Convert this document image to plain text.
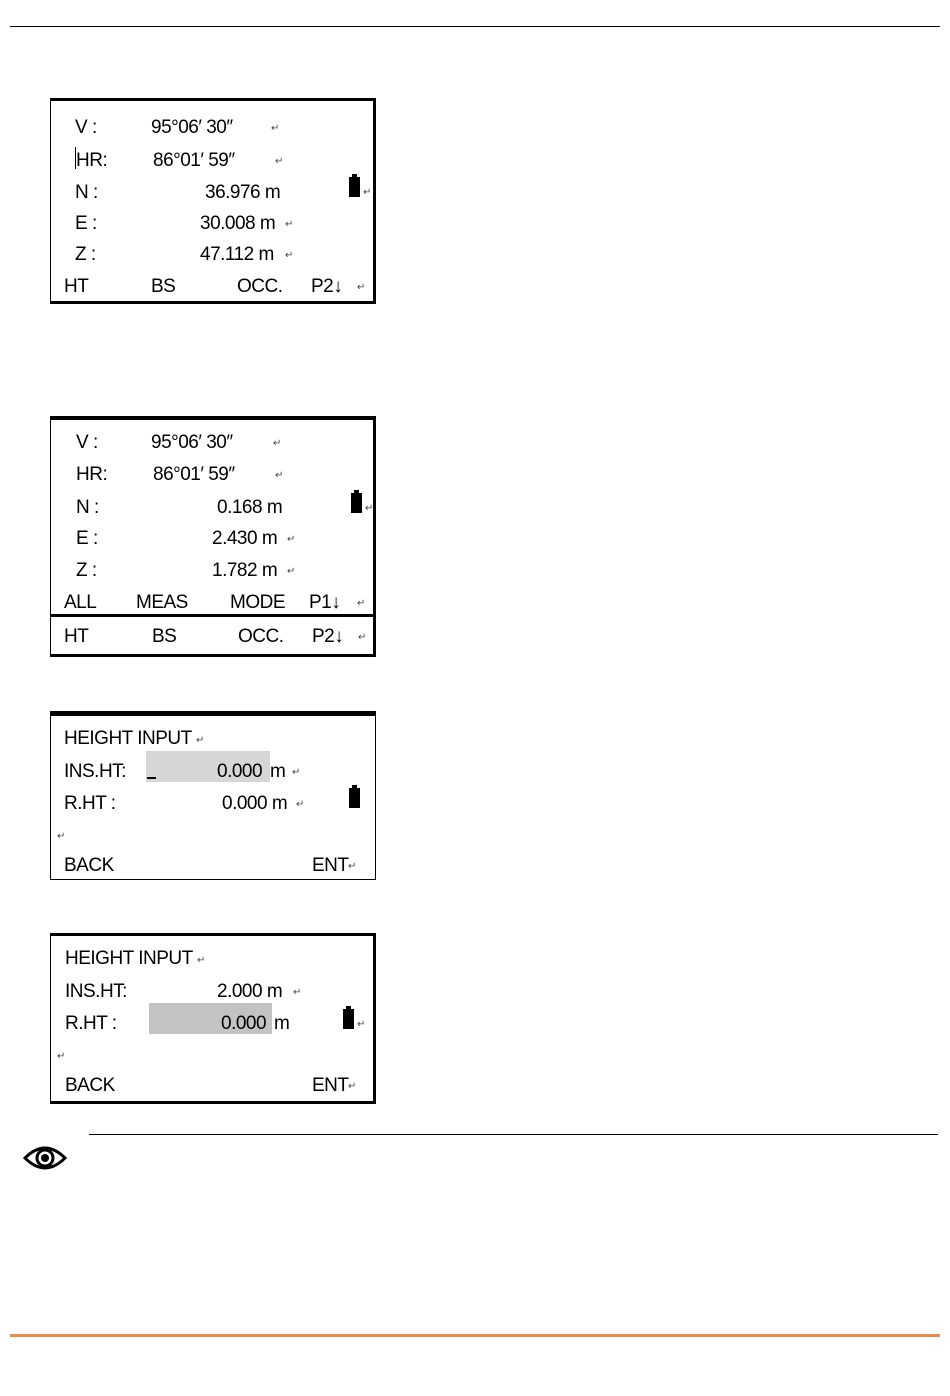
V :	95°06′ 30″	↵
HR: 86°01′ 59″	↵
N :	36.976 m	↵
E :	30.008 m ↵
Z :	47.112 m ↵
HT	BS	OCC. P2↓ ↵
V :	95°06′ 30″	↵
HR: 86°01′ 59″	↵
N :	0.168 m	↵
E :	2.430 m ↵
Z :	1.782 m ↵
ALL MEAS MODE P1↓ ↵
HT	BS	OCC. P2↓ ↵
HEIGHT INPUT ↵
INS.HT:	0.000 m ↵
R.HT :	0.000 m ↵
↵
BACK	ENT ↵
HEIGHT INPUT ↵
INS.HT:	2.000 m ↵
R.HT :	0.000 m	↵
↵
BACK	ENT ↵
